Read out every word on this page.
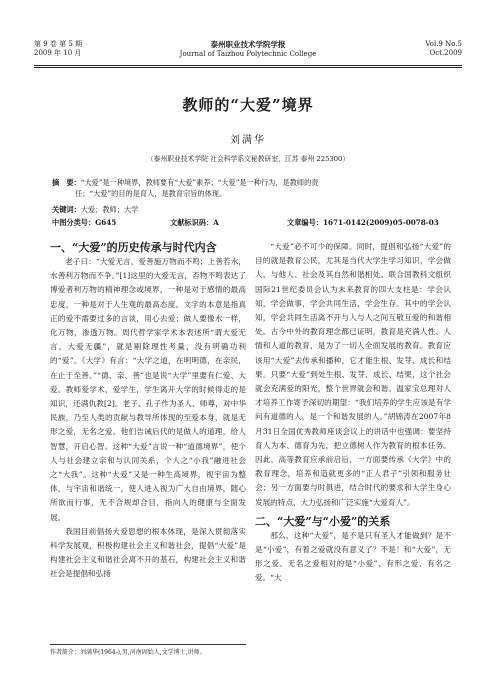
第 9 卷 第 5 期
2009 年 10 月
泰州职业技术学院学报
Journal of Taizhou Polytechnic College
Vol.9 No.5
Oct.2009
教师的“大爱”境界
刘满华
（泰州职业技术学院 社会科学系文秘教研室，江苏 泰州 225300）
摘　要：“大爱”是一种境界，教师要有“大爱”素养；“大爱”是一种行为，是教师的责
任；“大爱”的目的是育人，是教育宗旨的体现。
关键词：大爱；教师；大学
中图分类号：G645	文献标识码：A	文章编号：1671-0142(2009)05-0078-03

一、“大爱”的历史传承与时代内含

老子曰：“大爱无言，爱善施万物而不鸣；上善若水，水善利万物而不争。”[1]这里的大爱无言，否物不鸣表达了博爱者利万物的精神理念或境界，一种是对于感情的最高忠度，一种是对于人生观的最高态度。文字的本意是指真正的爱不需要过多的言谈，用心去爱；做人要像水一样，化万物，渗透万物。周代哲学家学术本表述所“谓大爱无言，大爱无疆”，就是剔除理性考量，没有明确功利的“爱”。《大学》有言：“大学之道，在明明德，在亲民，在止于至善。”“德、亲、善”也是说“大学”里要有仁爱、大爱。教师爱学术，爱学生，学生离开大学的时候得走的是知识，还满仇教[2]。老子、孔子作为圣人、师尊，对中华民族，乃至人类的贡献与教导所体现的至爱本身，就是无形之爱，无名之爱。他们告诫后代的是做人的道理，给人智慧，开启心智。这种“大爱”言说一种“道德境界”，使个人与社会建立亲和与认同关系，个人之“小我”融进社会之“大我”。这种“大爱”又是一种生高境界，视宇宙为整体，与宇宙和谐统一，使人进入视为广大自由境界，随心所欲而行事，无不合规却合目，指向人的健康与全面发展。

我国目前倡扬大爱思想的根本体现，是深入贯彻落实科学发展观，积极构建社会主义和谐社会，提倡“大爱”是构建社会主义和谐社会离不开的基石，构建社会主义和谐社会是提倡和弘扬

“大爱”必不可少的保障。同时，提倡和弘扬“大爱”的目的就是教育公民，尤其是当代大学生学习知识，学会做人，与他人、社会及其自然和谐相处。联合国教科文组织国际21世纪委员会认为未来教育的四大支柱是：学会认知，学会做事，学会共同生活，学会生存。其中的学会认知，学会共同生活离不开与人与人之间互敬互爱的和谐相处。古今中外的教育理念都已证明，教育是充满人性、人情和人道的教育，是为了一切人全面发展的教育。教育应该用“大爱”去传承和播种，它才能生根、发芽、成长和结果。只要“大爱”到处生根、发芽、成长、结果，这个社会就会充满爱的阳光，整个世界就会和谐。温家宝总理对人才培养工作寄予深切的期望：“我们培养的学生应该是有学问有道德的人，是一个和谐发展的人。”胡锦涛在2007年8月31日全国优秀教师座谈会议上的讲话中也强调：要坚持育人为本、德育为先，把立德树人作为教育的根本任务。因此，高等教育应承前启后，一方面要传承《大学》中的教育理念，培养和造就更多的“正人君子”引领和服务社会；另一方面要与时俱进，结合时代的要求和大学生身心发展的特点，大力弘扬和广泛实施“大爱育人”。

二、“大爱”与“小爱”的关系

那么，这种“大爱”，是不是只有圣人才能做到？是不是“小爱”，有着之爱就没有意义了？不是！和“大爱”，无形之爱、无名之爱相对的是“小爱”、有形之爱、有名之爱。“大

作者简介：刘满华(1964-),男,河南固始人,文学博士,讲师。
